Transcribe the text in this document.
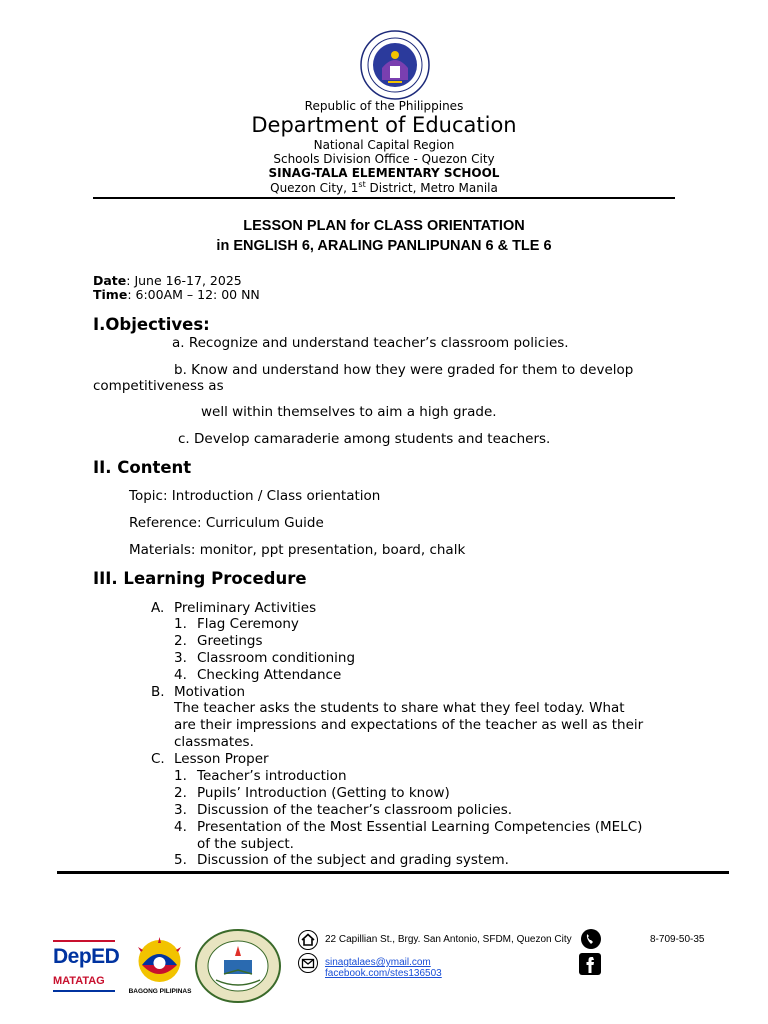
Republic of the Philippines
Department of Education
National Capital Region
Schools Division Office - Quezon City
SINAG-TALA ELEMENTARY SCHOOL
Quezon City, 1st District, Metro Manila
LESSON PLAN for CLASS ORIENTATION
in ENGLISH 6, ARALING PANLIPUNAN 6 & TLE 6
Date: June 16-17, 2025
Time: 6:00AM – 12: 00 NN
I.Objectives:
a. Recognize and understand teacher’s classroom policies.
b. Know and understand how they were graded for them to develop
competitiveness as
well within themselves to aim a high grade.
c. Develop camaraderie among students and teachers.
II. Content
Topic: Introduction / Class orientation
Reference: Curriculum Guide
Materials: monitor, ppt presentation, board, chalk
III. Learning Procedure
A. Preliminary Activities
1. Flag Ceremony
2. Greetings
3. Classroom conditioning
4. Checking Attendance
B. Motivation
The teacher asks the students to share what they feel today. What
are their impressions and expectations of the teacher as well as their
classmates.
C. Lesson Proper
1. Teacher’s introduction
2. Pupils’ Introduction (Getting to know)
3. Discussion of the teacher’s classroom policies.
4. Presentation of the Most Essential Learning Competencies (MELC)
of the subject.
5. Discussion of the subject and grading system.
DepED
MATATAG
BAGONG PILIPINAS
22 Capillian St., Brgy. San Antonio, SFDM, Quezon City	8-709-50-35
sinagtalaes@ymail.com
facebook.com/stes136503
